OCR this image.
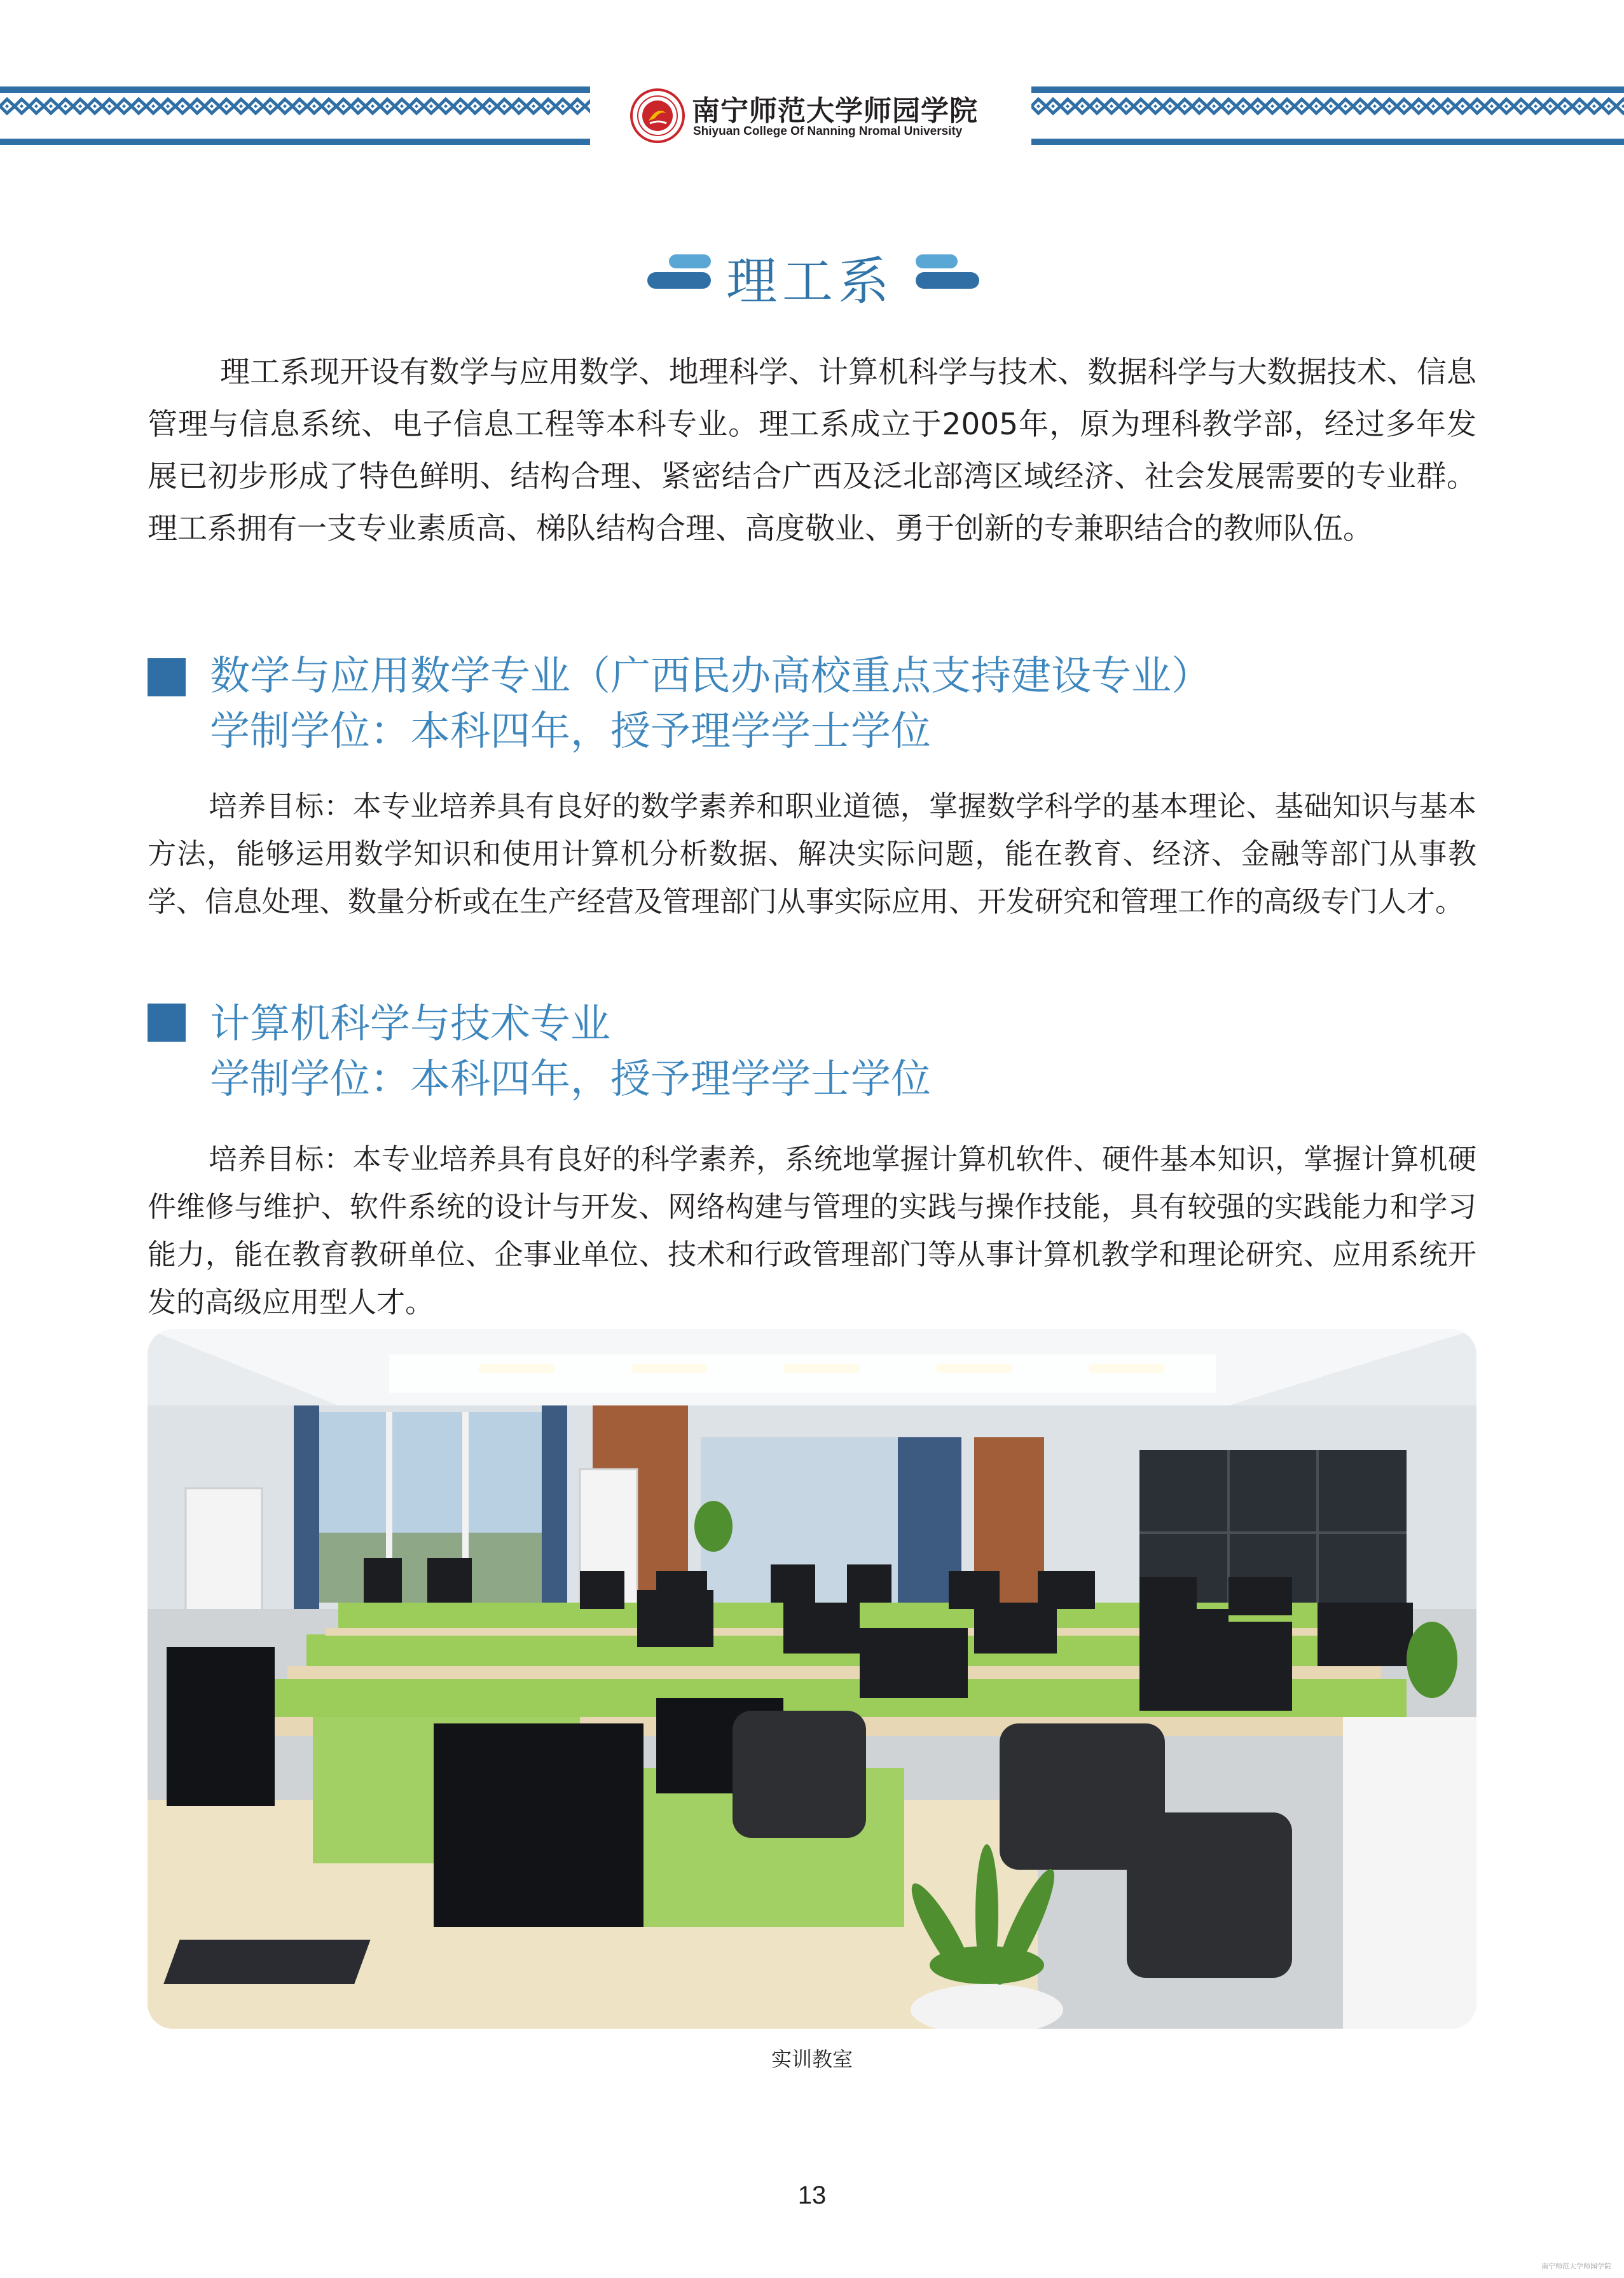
南宁师范大学师园学院
Shiyuan College Of Nanning Nromal University
理工系
理工系现开设有数学与应用数学、地理科学、计算机科学与技术、数据科学与大数据技术、信息管理与信息系统、电子信息工程等本科专业。理工系成立于2005年，原为理科教学部，经过多年发展已初步形成了特色鲜明、结构合理、紧密结合广西及泛北部湾区域经济、社会发展需要的专业群。理工系拥有一支专业素质高、梯队结构合理、高度敬业、勇于创新的专兼职结合的教师队伍。
数学与应用数学专业（广西民办高校重点支持建设专业）
学制学位：本科四年，授予理学学士学位
培养目标：本专业培养具有良好的数学素养和职业道德，掌握数学科学的基本理论、基础知识与基本方法，能够运用数学知识和使用计算机分析数据、解决实际问题，能在教育、经济、金融等部门从事教学、信息处理、数量分析或在生产经营及管理部门从事实际应用、开发研究和管理工作的高级专门人才。
计算机科学与技术专业
学制学位：本科四年，授予理学学士学位
培养目标：本专业培养具有良好的科学素养，系统地掌握计算机软件、硬件基本知识，掌握计算机硬件维修与维护、软件系统的设计与开发、网络构建与管理的实践与操作技能，具有较强的实践能力和学习能力，能在教育教研单位、企事业单位、技术和行政管理部门等从事计算机教学和理论研究、应用系统开发的高级应用型人才。
实训教室
13
南宁师范大学师园学院
